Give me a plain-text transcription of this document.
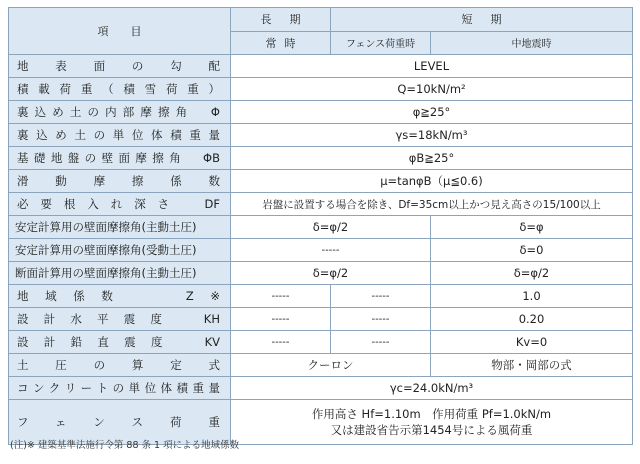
項目	長期	短期	
	常時	フェンス荷重時	中地震時
地表面の勾配	LEVEL		
積載荷重（積雪荷重）	Q=10kN/m²		
裏込め土の内部摩擦角　Φ	φ≧25°		
裏込め土の単位体積重量	γs=18kN/m³		
基礎地盤の壁面摩擦角　ΦB	φB≧25°		
滑動摩擦係数	μ=tanφB（μ≦0.6)		
必要根入れ深さ　DF	岩盤に設置する場合を除き、Df=35cm以上かつ見え高さの15/100以上		
安定計算用の壁面摩擦角(主動土圧)	δ=φ/2		δ=φ
安定計算用の壁面摩擦角(受動土圧)	-----		δ=0
断面計算用の壁面摩擦角(主動土圧)	δ=φ/2		δ=φ/2
地域係数　　Z※	-----	-----	1.0
設計水平震度　KH	-----	-----	0.20
設計鉛直震度　KV	-----	-----	Kv=0
土圧の算定式	クーロン		物部・岡部の式
コンクリートの単位体積重量	γc=24.0kN/m³		
フェンス荷重	作用高さ Hf=1.10m　作用荷重 Pf=1.0kN/m
又は建設省告示第1454号による風荷重		
(注)※ 建築基準法施行令第 88 条 1 項による地域係数
